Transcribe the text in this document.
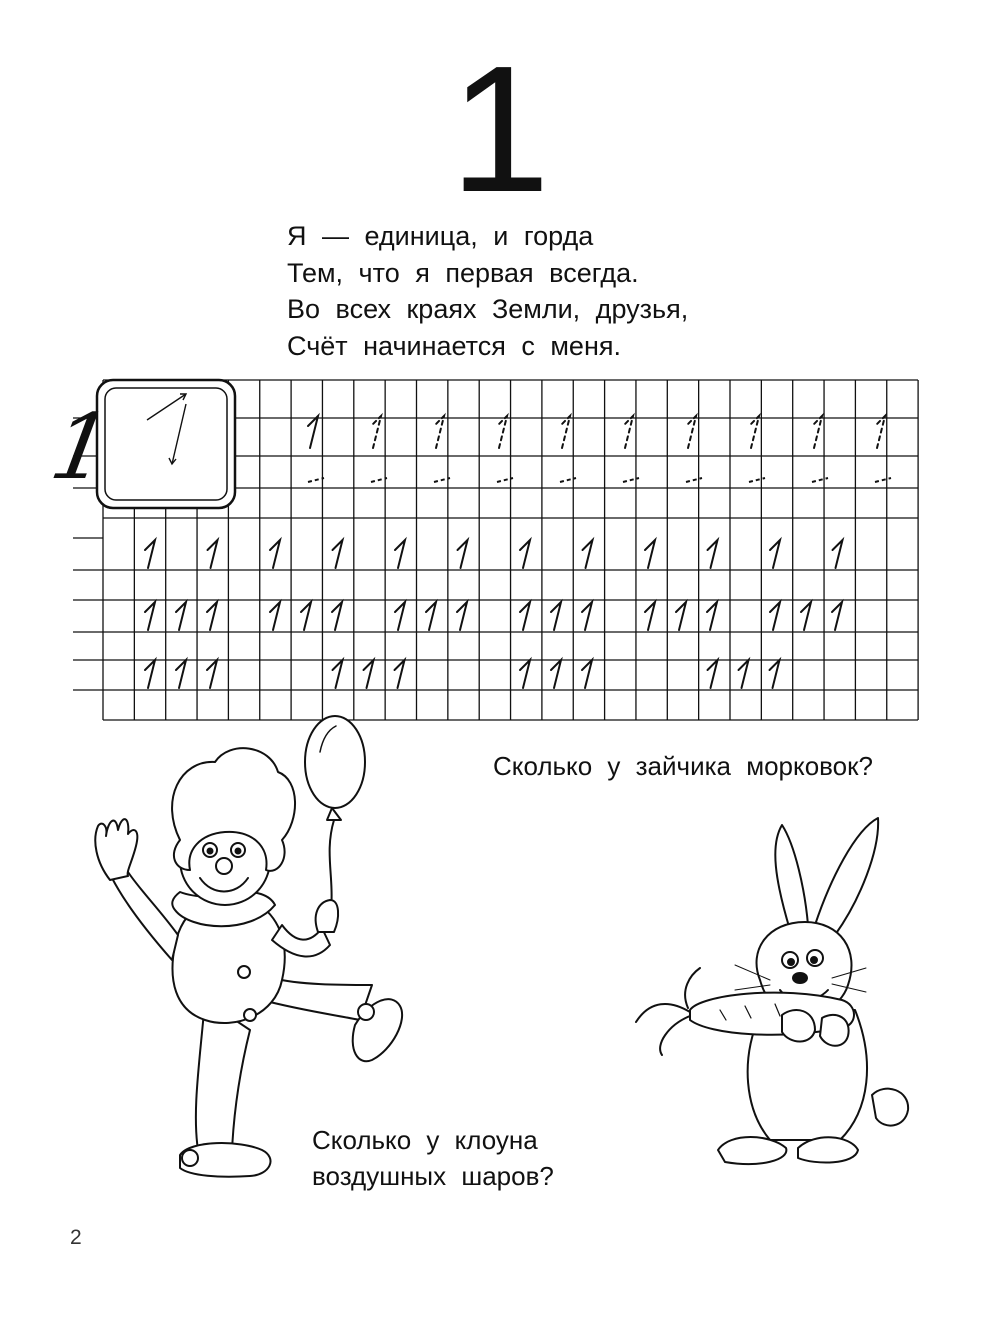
1
Я — единица, и горда
Тем, что я первая всегда.
Во всех краях Земли, друзья,
Счёт начинается с меня.
1
Сколько у зайчика морковок?
Сколько у клоуна
воздушных шаров?
2
